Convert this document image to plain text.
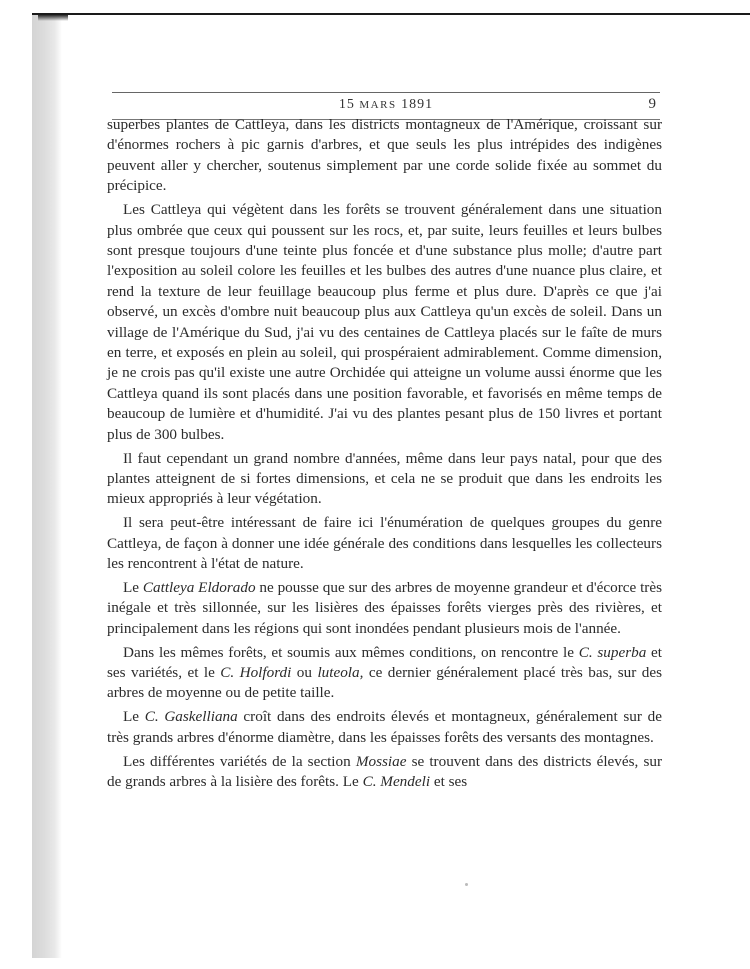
15 MARS 1891	9

superbes plantes de Cattleya, dans les districts montagneux de l'Amérique, croissant sur d'énormes rochers à pic garnis d'arbres, et que seuls les plus intrépides des indigènes peuvent aller y chercher, soutenus simplement par une corde solide fixée au sommet du précipice.

Les Cattleya qui végètent dans les forêts se trouvent généralement dans une situation plus ombrée que ceux qui poussent sur les rocs, et, par suite, leurs feuilles et leurs bulbes sont presque toujours d'une teinte plus foncée et d'une substance plus molle; d'autre part l'exposition au soleil colore les feuilles et les bulbes des autres d'une nuance plus claire, et rend la texture de leur feuillage beaucoup plus ferme et plus dure. D'après ce que j'ai observé, un excès d'ombre nuit beaucoup plus aux Cattleya qu'un excès de soleil. Dans un village de l'Amérique du Sud, j'ai vu des centaines de Cattleya placés sur le faîte de murs en terre, et exposés en plein au soleil, qui prospéraient admirablement. Comme dimension, je ne crois pas qu'il existe une autre Orchidée qui atteigne un volume aussi énorme que les Cattleya quand ils sont placés dans une position favorable, et favorisés en même temps de beaucoup de lumière et d'humidité. J'ai vu des plantes pesant plus de 150 livres et portant plus de 300 bulbes.

Il faut cependant un grand nombre d'années, même dans leur pays natal, pour que des plantes atteignent de si fortes dimensions, et cela ne se produit que dans les endroits les mieux appropriés à leur végétation.

Il sera peut-être intéressant de faire ici l'énumération de quelques groupes du genre Cattleya, de façon à donner une idée générale des conditions dans lesquelles les collecteurs les rencontrent à l'état de nature.

Le Cattleya Eldorado ne pousse que sur des arbres de moyenne grandeur et d'écorce très inégale et très sillonnée, sur les lisières des épaisses forêts vierges près des rivières, et principalement dans les régions qui sont inondées pendant plusieurs mois de l'année.

Dans les mêmes forêts, et soumis aux mêmes conditions, on rencontre le C. superba et ses variétés, et le C. Holfordi ou luteola, ce dernier généralement placé très bas, sur des arbres de moyenne ou de petite taille.

Le C. Gaskelliana croît dans des endroits élevés et montagneux, généralement sur de très grands arbres d'énorme diamètre, dans les épaisses forêts des versants des montagnes.

Les différentes variétés de la section Mossiae se trouvent dans des districts élevés, sur de grands arbres à la lisière des forêts. Le C. Mendeli et ses
